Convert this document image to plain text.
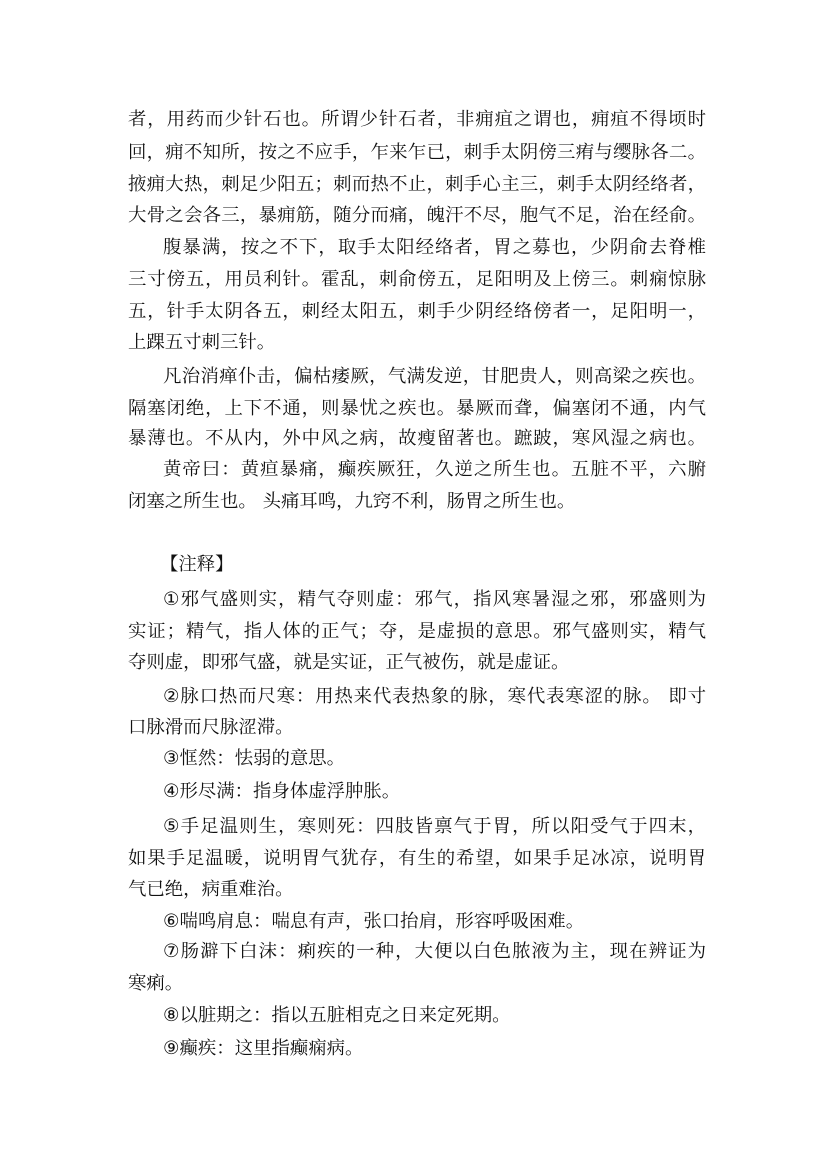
者，用药而少针石也。所谓少针石者，非痈疽之谓也，痈疽不得顷时
回，痈不知所，按之不应手，乍来乍已，刺手太阴傍三痏与缨脉各二。
掖痈大热，刺足少阳五；刺而热不止，刺手心主三，刺手太阴经络者，
大骨之会各三，暴痈筋，随分而痛，魄汗不尽，胞气不足，治在经俞。
腹暴满，按之不下，取手太阳经络者，胃之募也，少阴俞去脊椎
三寸傍五，用员利针。霍乱，刺俞傍五，足阳明及上傍三。刺痫惊脉
五，针手太阴各五，刺经太阳五，刺手少阴经络傍者一，足阳明一，
上踝五寸刺三针。
凡治消瘅仆击，偏枯痿厥，气满发逆，甘肥贵人，则高梁之疾也。
隔塞闭绝，上下不通，则暴忧之疾也。暴厥而聋，偏塞闭不通，内气
暴薄也。不从内，外中风之病，故瘦留著也。蹠跛，寒风湿之病也。
黄帝曰：黄疸暴痛，癫疾厥狂，久逆之所生也。五脏不平，六腑
闭塞之所生也。 头痛耳鸣，九窍不利，肠胃之所生也。
【注释】
①邪气盛则实，精气夺则虚：邪气，指风寒暑湿之邪，邪盛则为
实证；精气，指人体的正气；夺，是虚损的意思。邪气盛则实，精气
夺则虚，即邪气盛，就是实证，正气被伤，就是虚证。
②脉口热而尺寒：用热来代表热象的脉，寒代表寒涩的脉。 即寸
口脉滑而尺脉涩滞。
③恇然：怯弱的意思。
④形尽满：指身体虚浮肿胀。
⑤手足温则生，寒则死：四肢皆禀气于胃，所以阳受气于四末，
如果手足温暖，说明胃气犹存，有生的希望，如果手足冰凉，说明胃
气已绝，病重难治。
⑥喘鸣肩息：喘息有声，张口抬肩，形容呼吸困难。
⑦肠澼下白沫：痢疾的一种，大便以白色脓液为主，现在辨证为
寒痢。
⑧以脏期之：指以五脏相克之日来定死期。
⑨癫疾：这里指癫痫病。
